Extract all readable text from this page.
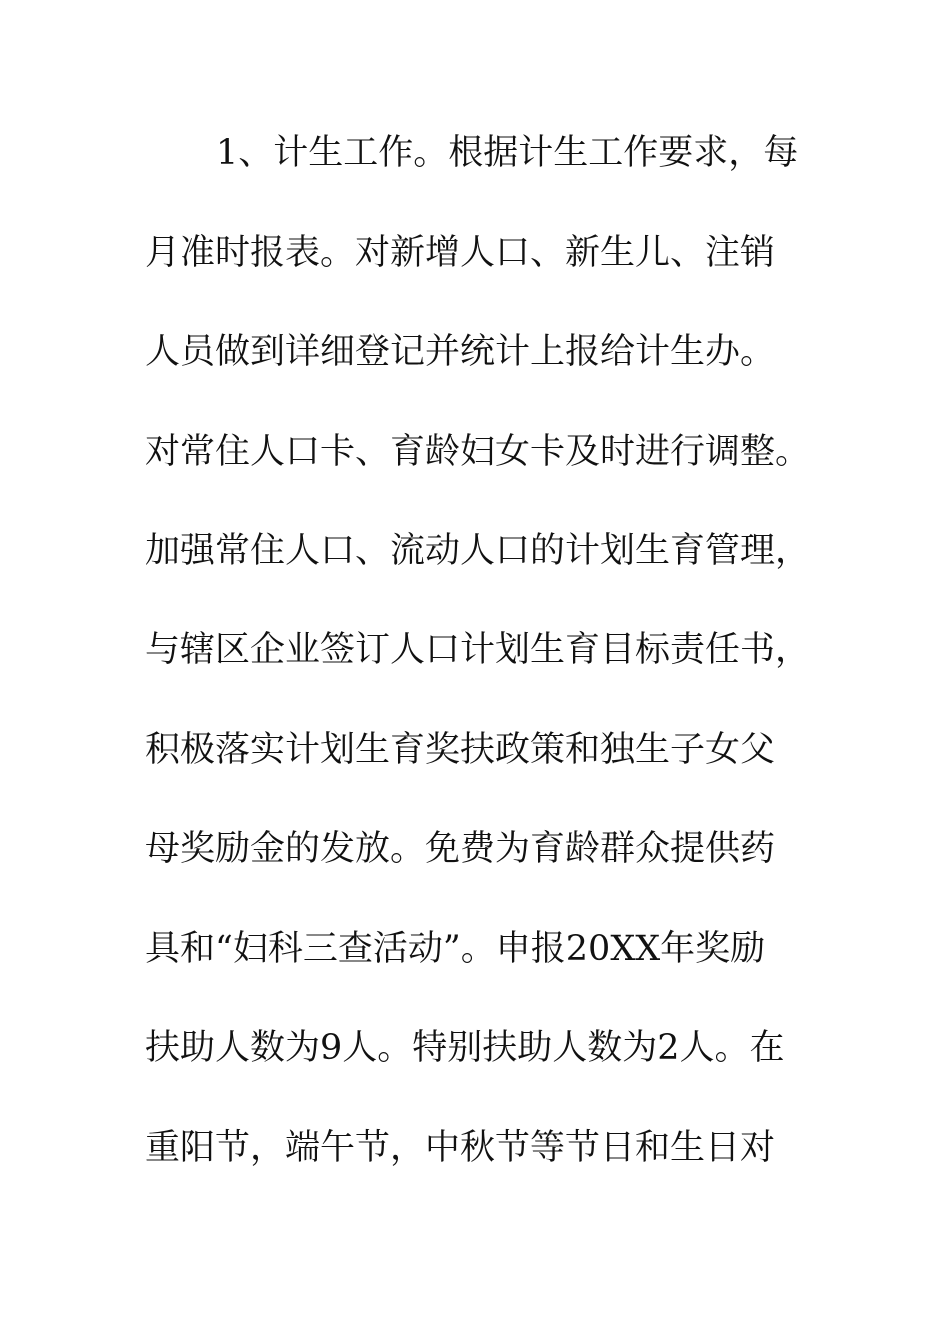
1、计生工作。根据计生工作要求，每
月准时报表。对新增人口、新生儿、注销
人员做到详细登记并统计上报给计生办。
对常住人口卡、育龄妇女卡及时进行调整。
加强常住人口、流动人口的计划生育管理，
与辖区企业签订人口计划生育目标责任书，
积极落实计划生育奖扶政策和独生子女父
母奖励金的发放。免费为育龄群众提供药
具和“妇科三查活动”。申报20XX年奖励
扶助人数为9人。特别扶助人数为2人。在
重阳节，端午节，中秋节等节日和生日对
